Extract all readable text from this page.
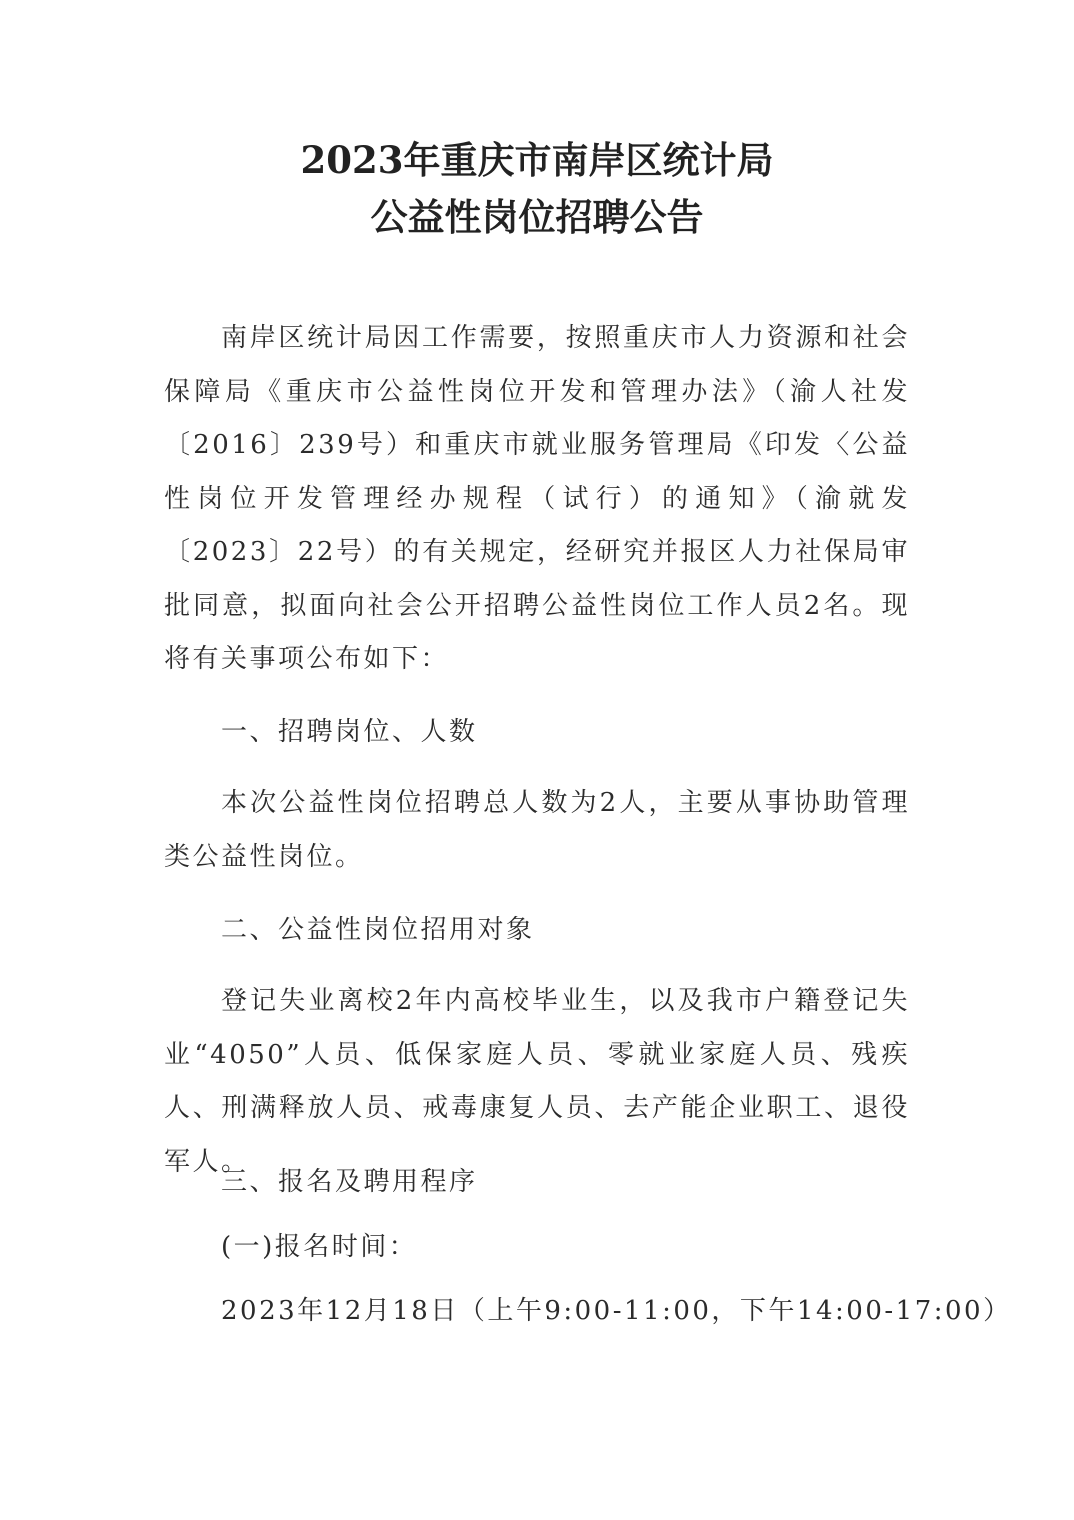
2023年重庆市南岸区统计局
公益性岗位招聘公告
南岸区统计局因工作需要，按照重庆市人力资源和社会保障局《重庆市公益性岗位开发和管理办法》（渝人社发〔2016〕239号）和重庆市就业服务管理局《印发〈公益性岗位开发管理经办规程（试行）的通知》（渝就发〔2023〕22号）的有关规定，经研究并报区人力社保局审批同意，拟面向社会公开招聘公益性岗位工作人员2名。现将有关事项公布如下：
一、招聘岗位、人数
本次公益性岗位招聘总人数为2人，主要从事协助管理类公益性岗位。
二、公益性岗位招用对象
登记失业离校2年内高校毕业生，以及我市户籍登记失业“4050”人员、低保家庭人员、零就业家庭人员、残疾人、刑满释放人员、戒毒康复人员、去产能企业职工、退役军人。
三、报名及聘用程序
(一)报名时间：
2023年12月18日（上午9:00-11:00，下午14:00-17:00）
